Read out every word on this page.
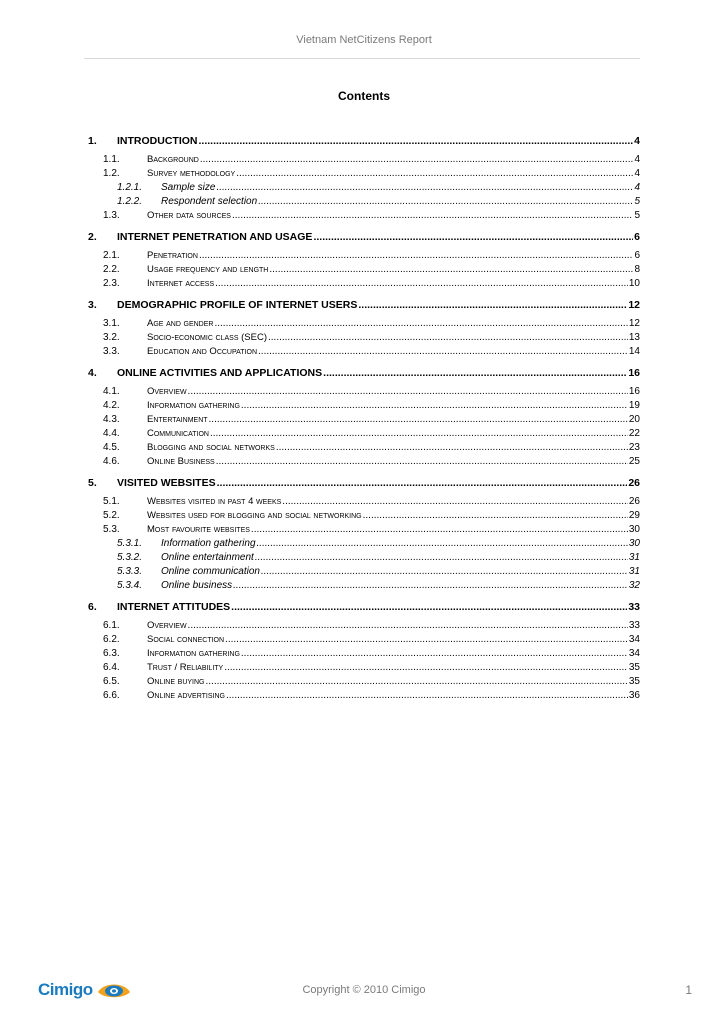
Vietnam NetCitizens Report
Contents
1.	INTRODUCTION .....	4
1.1.	Background .....	4
1.2.	Survey methodology .....	4
1.2.1.	Sample size .....	4
1.2.2.	Respondent selection .....	5
1.3.	Other data sources .....	5
2.	INTERNET PENETRATION AND USAGE .....	6
2.1.	Penetration .....	6
2.2.	Usage frequency and length .....	8
2.3.	Internet access .....	10
3.	DEMOGRAPHIC PROFILE OF INTERNET USERS .....	12
3.1.	Age and gender .....	12
3.2.	Socio-economic class (SEC) .....	13
3.3.	Education and Occupation .....	14
4.	ONLINE ACTIVITIES AND APPLICATIONS .....	16
4.1.	Overview .....	16
4.2.	Information gathering .....	19
4.3.	Entertainment .....	20
4.4.	Communication .....	22
4.5.	Blogging and social networks .....	23
4.6.	Online Business .....	25
5.	VISITED WEBSITES .....	26
5.1.	Websites visited in past 4 weeks .....	26
5.2.	Websites used for blogging and social networking .....	29
5.3.	Most favourite websites .....	30
5.3.1.	Information gathering .....	30
5.3.2.	Online entertainment .....	31
5.3.3.	Online communication .....	31
5.3.4.	Online business .....	32
6.	INTERNET ATTITUDES .....	33
6.1.	Overview .....	33
6.2.	Social connection .....	34
6.3.	Information gathering .....	34
6.4.	Trust / Reliability .....	35
6.5.	Online buying .....	35
6.6.	Online advertising .....	36
Cimigo	Copyright © 2010 Cimigo	1
